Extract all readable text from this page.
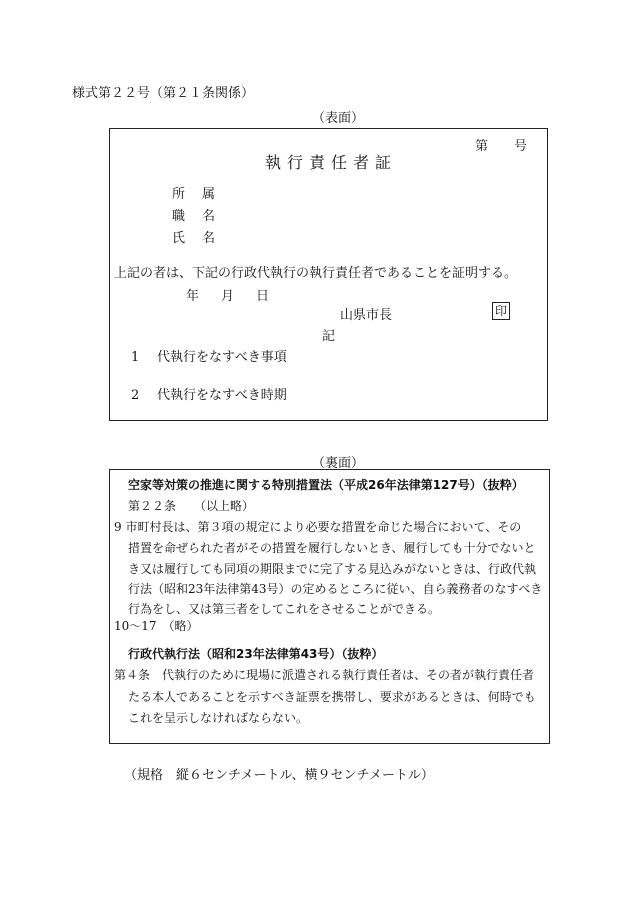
様式第２２号（第２１条関係）
（表面）
第 号
執行責任者証
所属
職名
氏名
上記の者は、下記の行政代執行の執行責任者であることを証明する。
年 月 日
山県市長	印
記
1 代執行をなすべき事項
2 代執行をなすべき時期
（裏面）
空家等対策の推進に関する特別措置法（平成26年法律第127号）（抜粋）
第２２条　　（以上略）
9 市町村長は、第３項の規定により必要な措置を命じた場合において、その
措置を命ぜられた者がその措置を履行しないとき、履行しても十分でないと
き又は履行しても同項の期限までに完了する見込みがないときは、行政代執
行法（昭和23年法律第43号）の定めるところに従い、自ら義務者のなすべき
行為をし、又は第三者をしてこれをさせることができる。
10〜17　（略）
行政代執行法（昭和23年法律第43号）（抜粋）
第４条　代執行のために現場に派遣される執行責任者は、その者が執行責任者
たる本人であることを示すべき証票を携帯し、要求があるときは、何時でも
これを呈示しなければならない。
（規格　縦６センチメートル、横９センチメートル）
